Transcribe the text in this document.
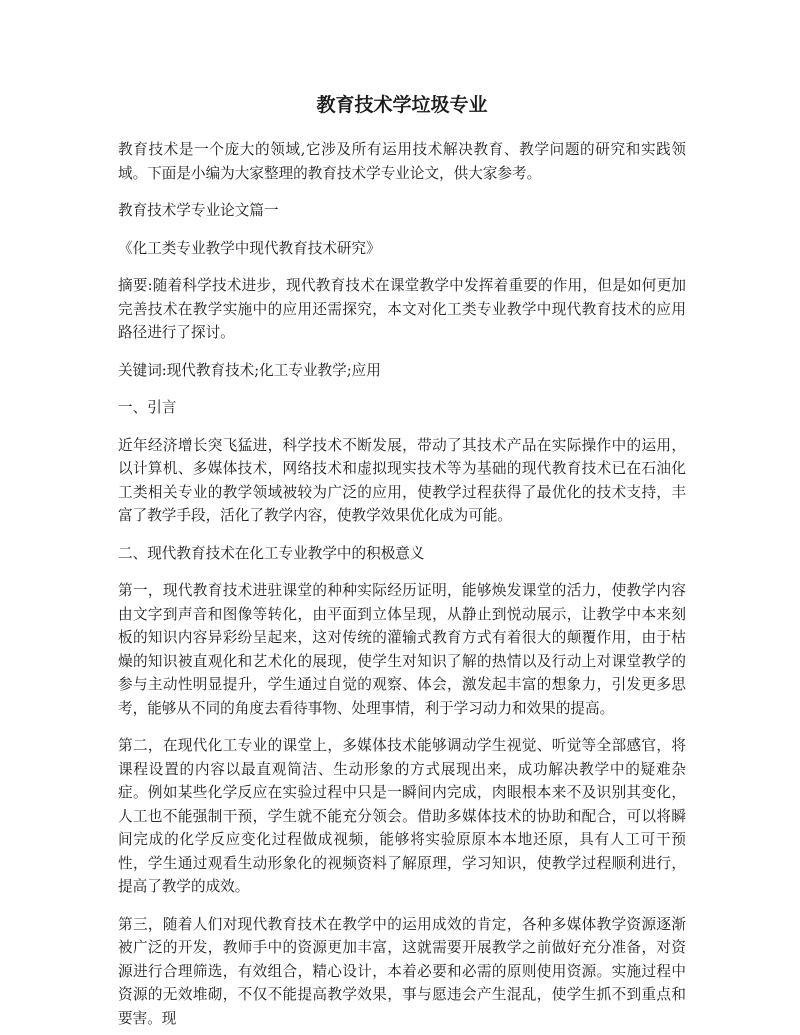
教育技术学垃圾专业

教育技术是一个庞大的领域,它涉及所有运用技术解决教育、教学问题的研究和实践领域。下面是小编为大家整理的教育技术学专业论文，供大家参考。

教育技术学专业论文篇一

《化工类专业教学中现代教育技术研究》

摘要:随着科学技术进步，现代教育技术在课堂教学中发挥着重要的作用，但是如何更加完善技术在教学实施中的应用还需探究，本文对化工类专业教学中现代教育技术的应用路径进行了探讨。

关键词:现代教育技术;化工专业教学;应用

一、引言

近年经济增长突飞猛进，科学技术不断发展，带动了其技术产品在实际操作中的运用，以计算机、多媒体技术，网络技术和虚拟现实技术等为基础的现代教育技术已在石油化工类相关专业的教学领域被较为广泛的应用，使教学过程获得了最优化的技术支持，丰富了教学手段，活化了教学内容，使教学效果优化成为可能。

二、现代教育技术在化工专业教学中的积极意义

第一，现代教育技术进驻课堂的种种实际经历证明，能够焕发课堂的活力，使教学内容由文字到声音和图像等转化，由平面到立体呈现，从静止到悦动展示，让教学中本来刻板的知识内容异彩纷呈起来，这对传统的灌输式教育方式有着很大的颠覆作用，由于枯燥的知识被直观化和艺术化的展现，使学生对知识了解的热情以及行动上对课堂教学的参与主动性明显提升，学生通过自觉的观察、体会，激发起丰富的想象力，引发更多思考，能够从不同的角度去看待事物、处理事情，利于学习动力和效果的提高。

第二，在现代化工专业的课堂上，多媒体技术能够调动学生视觉、听觉等全部感官，将课程设置的内容以最直观简洁、生动形象的方式展现出来，成功解决教学中的疑难杂症。例如某些化学反应在实验过程中只是一瞬间内完成，肉眼根本来不及识别其变化，人工也不能强制干预，学生就不能充分领会。借助多媒体技术的协助和配合，可以将瞬间完成的化学反应变化过程做成视频，能够将实验原原本本地还原，具有人工可干预性，学生通过观看生动形象化的视频资料了解原理，学习知识，使教学过程顺利进行，提高了教学的成效。

第三，随着人们对现代教育技术在教学中的运用成效的肯定，各种多媒体教学资源逐渐被广泛的开发，教师手中的资源更加丰富，这就需要开展教学之前做好充分准备，对资源进行合理筛选，有效组合，精心设计，本着必要和必需的原则使用资源。实施过程中资源的无效堆砌，不仅不能提高教学效果，事与愿违会产生混乱，使学生抓不到重点和要害。现
